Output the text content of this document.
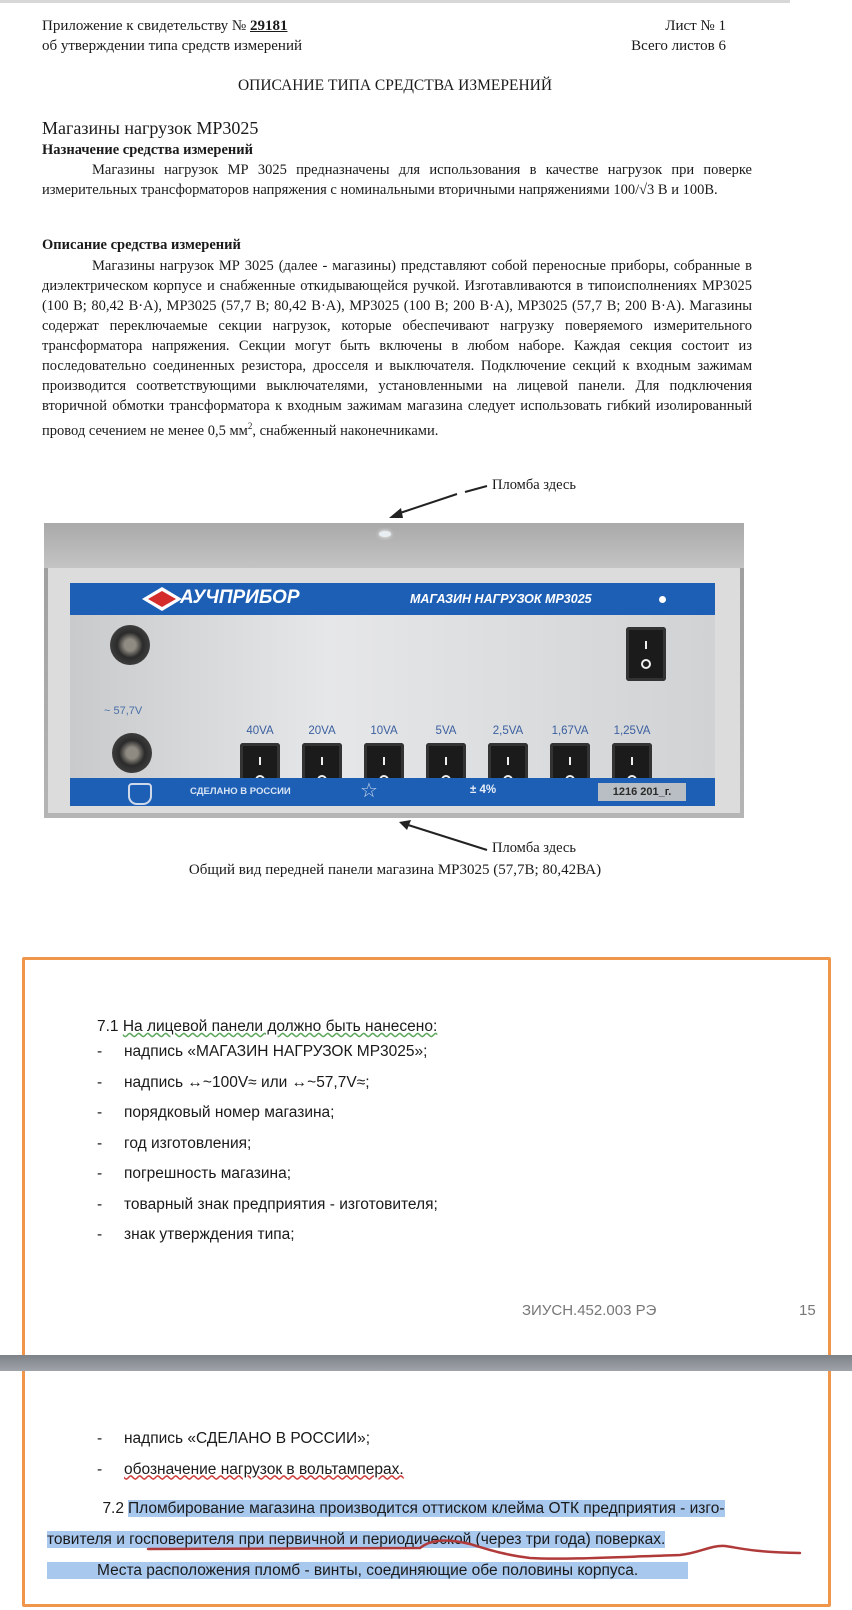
Приложение к свидетельству № 29181
об утверждении типа средств измерений
Лист № 1
Всего листов 6
ОПИСАНИЕ ТИПА СРЕДСТВА ИЗМЕРЕНИЙ
Магазины нагрузок МР3025
Назначение средства измерений
Магазины нагрузок МР 3025 предназначены для использования в качестве нагрузок при поверке измерительных трансформаторов напряжения с номинальными вторичными напряжениями 100/√3 В и 100В.
Описание средства измерений
Магазины нагрузок МР 3025 (далее - магазины) представляют собой переносные приборы, собранные в диэлектрическом корпусе и снабженные откидывающейся ручкой. Изготавливаются в типоисполнениях МР3025 (100 В; 80,42 В·А), МР3025 (57,7 В; 80,42 В·А), МР3025 (100 В; 200 В·А), МР3025 (57,7 В; 200 В·А). Магазины содержат переключаемые секции нагрузок, которые обеспечивают нагрузку поверяемого измерительного трансформатора напряжения. Секции могут быть включены в любом наборе. Каждая секция состоит из последовательно соединенных резистора, дросселя и выключателя. Подключение секций к входным зажимам производится соответствующими выключателями, установленными на лицевой панели. Для подключения вторичной обмотки трансформатора к входным зажимам магазина следует использовать гибкий изолированный провод сечением не менее 0,5 $мм^2$, снабженный наконечниками.
Пломба здесь
АУЧПРИБОР	МАГАЗИН НАГРУЗОК МР3025
~ 57,7V
40VA	20VA	10VA	5VA	2,5VA	1,67VA	1,25VA
СДЕЛАНО В РОССИИ	☆	± 4%	1216 201_г.
Пломба здесь
Общий вид передней панели магазина МР3025 (57,7В; 80,42ВА)
7.1 На лицевой панели должно быть нанесено:
-	надпись «МАГАЗИН НАГРУЗОК МР3025»;
-	надпись ↔~100V≈ или ↔~57,7V≈;
-	порядковый номер магазина;
-	год изготовления;
-	погрешность магазина;
-	товарный знак предприятия - изготовителя;
-	знак утверждения типа;
ЗИУСН.452.003 РЭ	15
-	надпись «СДЕЛАНО В РОССИИ»;
-	обозначение нагрузок в вольтамперах.
7.2 Пломбирование магазина производится оттиском клейма ОТК предприятия - изго-
товителя и госповерителя при первичной и периодической (через три года) поверках.
Места расположения пломб - винты, соединяющие обе половины корпуса.
